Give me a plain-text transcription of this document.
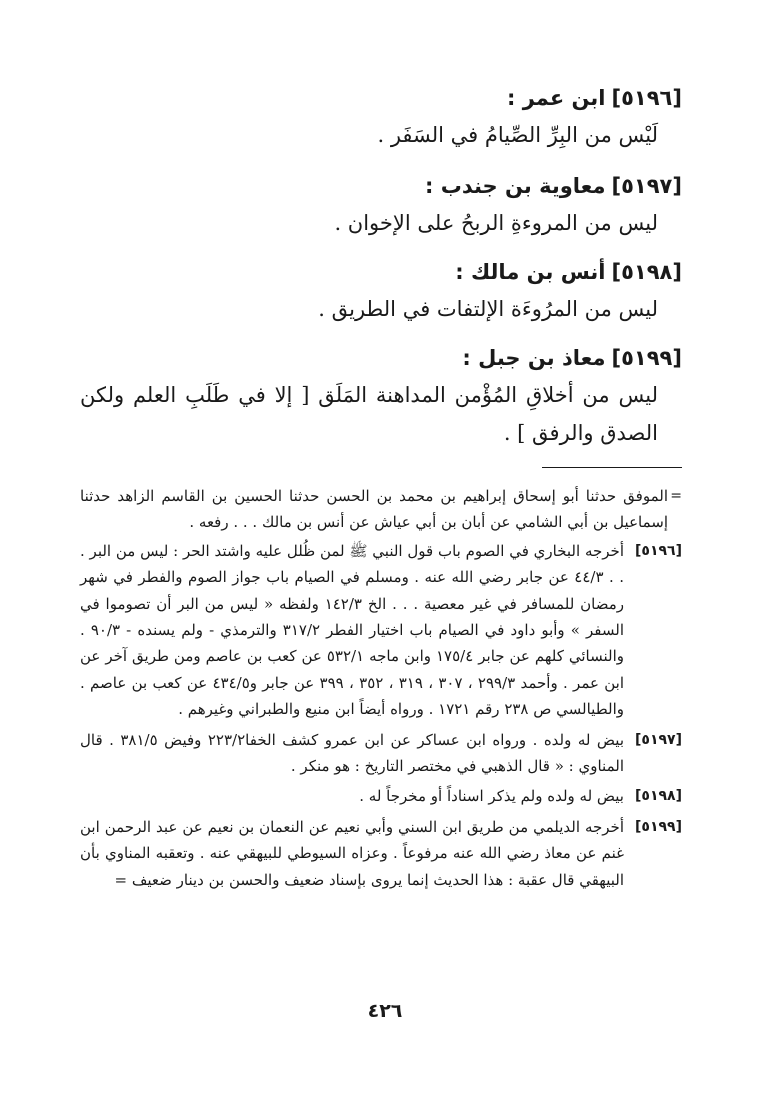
[٥١٩٦]ابن عمر :
لَيْس من البِرِّ الصِّيامُ في السَفَر .
[٥١٩٧]معاوية بن جندب :
ليس من المروءةِ الربحُ على الإخوان .
[٥١٩٨]أنس بن مالك :
ليس من المرُوءَة الإلتفات في الطريق .
[٥١٩٩]معاذ بن جبل :
ليس من أخلاقِ المُؤْمن المداهنة المَلَق [ إلا في طَلَبِ العلم ولكن الصدق والرفق ] .
=
الموفق حدثنا أبو إسحاق إبراهيم بن محمد بن الحسن حدثنا الحسين بن القاسم الزاهد حدثنا إسماعيل بن أبي الشامي عن أبان بن أبي عياش عن أنس بن مالك . . . رفعه .
[٥١٩٦]
أخرجه البخاري في الصوم باب قول النبي ﷺ لمن ظُلل عليه واشتد الحر : ليس من البر . . . ٤٤/٣ عن جابر رضي الله عنه . ومسلم في الصيام باب جواز الصوم والفطر في شهر رمضان للمسافر في غير معصية . . . الخ ١٤٢/٣ ولفظه « ليس من البر أن تصوموا في السفر » وأبو داود في الصيام باب اختيار الفطر ٣١٧/٢ والترمذي - ولم يسنده - ٩٠/٣ . والنسائي كلهم عن جابر ١٧٥/٤ وابن ماجه ٥٣٢/١ عن كعب بن عاصم ومن طريق آخر عن ابن عمر . وأحمد ٢٩٩/٣ ، ٣٠٧ ، ٣١٩ ، ٣٥٢ ، ٣٩٩ عن جابر و٤٣٤/٥ عن كعب بن عاصم . والطيالسي ص ٢٣٨ رقم ١٧٢١ . ورواه أيضاً ابن منيع والطبراني وغيرهم .
[٥١٩٧]
بيض له ولده . ورواه ابن عساكر عن ابن عمرو كشف الخفا٢٢٣/٢ وفيض ٣٨١/٥ . قال المناوي : « قال الذهبي في مختصر التاريخ : هو منكر .
[٥١٩٨]
بيض له ولده ولم يذكر اسناداً أو مخرجاً له .
[٥١٩٩]
أخرجه الديلمي من طريق ابن السني وأبي نعيم عن النعمان بن نعيم عن عبد الرحمن ابن غنم عن معاذ رضي الله عنه مرفوعاً . وعزاه السيوطي للبيهقي عنه . وتعقبه المناوي بأن البيهقي قال عقبة : هذا الحديث إنما يروى بإسناد ضعيف والحسن بن دينار ضعيف =
٤٢٦
